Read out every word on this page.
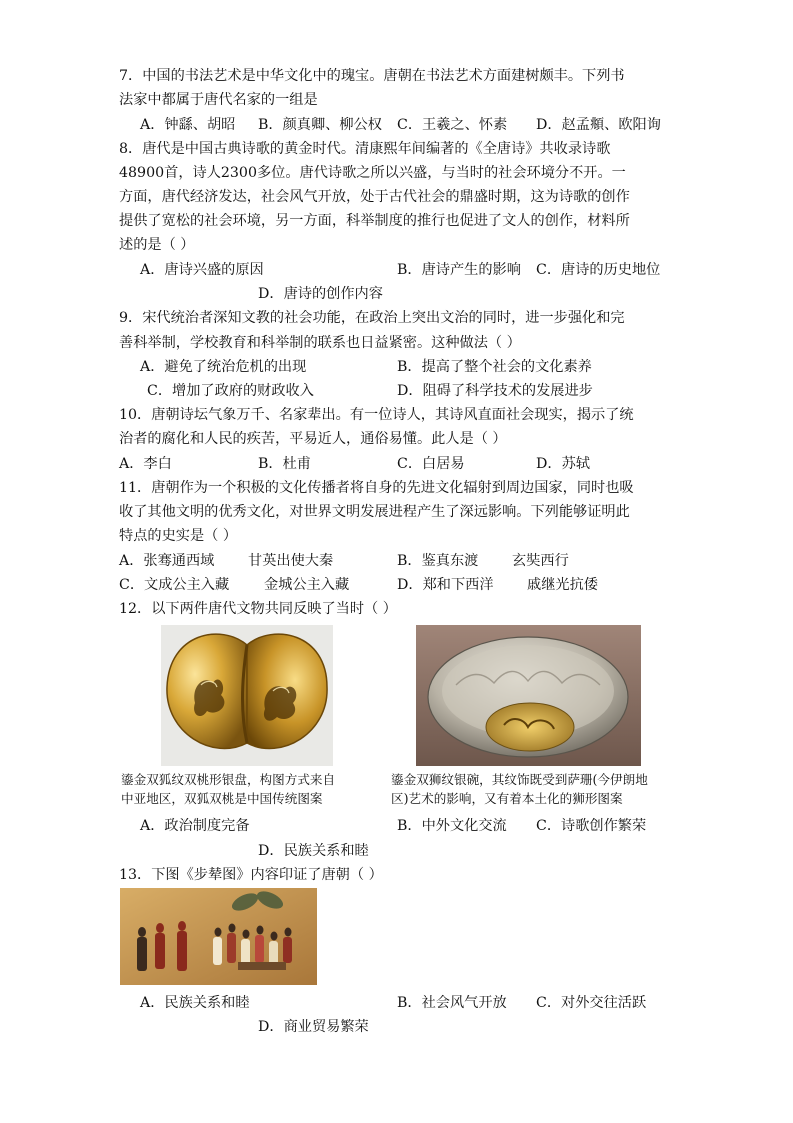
7．中国的书法艺术是中华文化中的瑰宝。唐朝在书法艺术方面建树颇丰。下列书
法家中都属于唐代名家的一组是
A．钟繇、胡昭 B．颜真卿、柳公权 C．王羲之、怀素 D．赵孟頫、欧阳询
8．唐代是中国古典诗歌的黄金时代。清康熙年间编著的《全唐诗》共收录诗歌
48900首，诗人2300多位。唐代诗歌之所以兴盛，与当时的社会环境分不开。一
方面，唐代经济发达，社会风气开放，处于古代社会的鼎盛时期，这为诗歌的创作
提供了宽松的社会环境，另一方面，科举制度的推行也促进了文人的创作，材料所
述的是（ ）
A．唐诗兴盛的原因	B．唐诗产生的影响 C．唐诗的历史地位
D．唐诗的创作内容
9．宋代统治者深知文教的社会功能，在政治上突出文治的同时，进一步强化和完
善科举制，学校教育和科举制的联系也日益紧密。这种做法（ ）
A．避免了统治危机的出现	B．提高了整个社会的文化素养
C．增加了政府的财政收入	D．阻碍了科学技术的发展进步
10．唐朝诗坛气象万千、名家辈出。有一位诗人，其诗风直面社会现实，揭示了统
治者的腐化和人民的疾苦，平易近人，通俗易懂。此人是（ ）
A．李白	B．杜甫	C．白居易	D．苏轼
11．唐朝作为一个积极的文化传播者将自身的先进文化辐射到周边国家，同时也吸
收了其他文明的优秀文化，对世界文明发展进程产生了深远影响。下列能够证明此
特点的史实是（ ）
A．张骞通西域 甘英出使大秦	B．鉴真东渡 玄奘西行
C．文成公主入藏 金城公主入藏	D．郑和下西洋 戚继光抗倭
12．以下两件唐代文物共同反映了当时（ ）
鎏金双狐纹双桃形银盘，构图方式来自
中亚地区，双狐双桃是中国传统图案
鎏金双狮纹银碗，其纹饰既受到萨珊(今伊朗地
区)艺术的影响，又有着本土化的狮形图案
A．政治制度完备	B．中外文化交流 C．诗歌创作繁荣
D．民族关系和睦
13．下图《步辇图》内容印证了唐朝（ ）
A．民族关系和睦	B．社会风气开放 C．对外交往活跃
D．商业贸易繁荣
